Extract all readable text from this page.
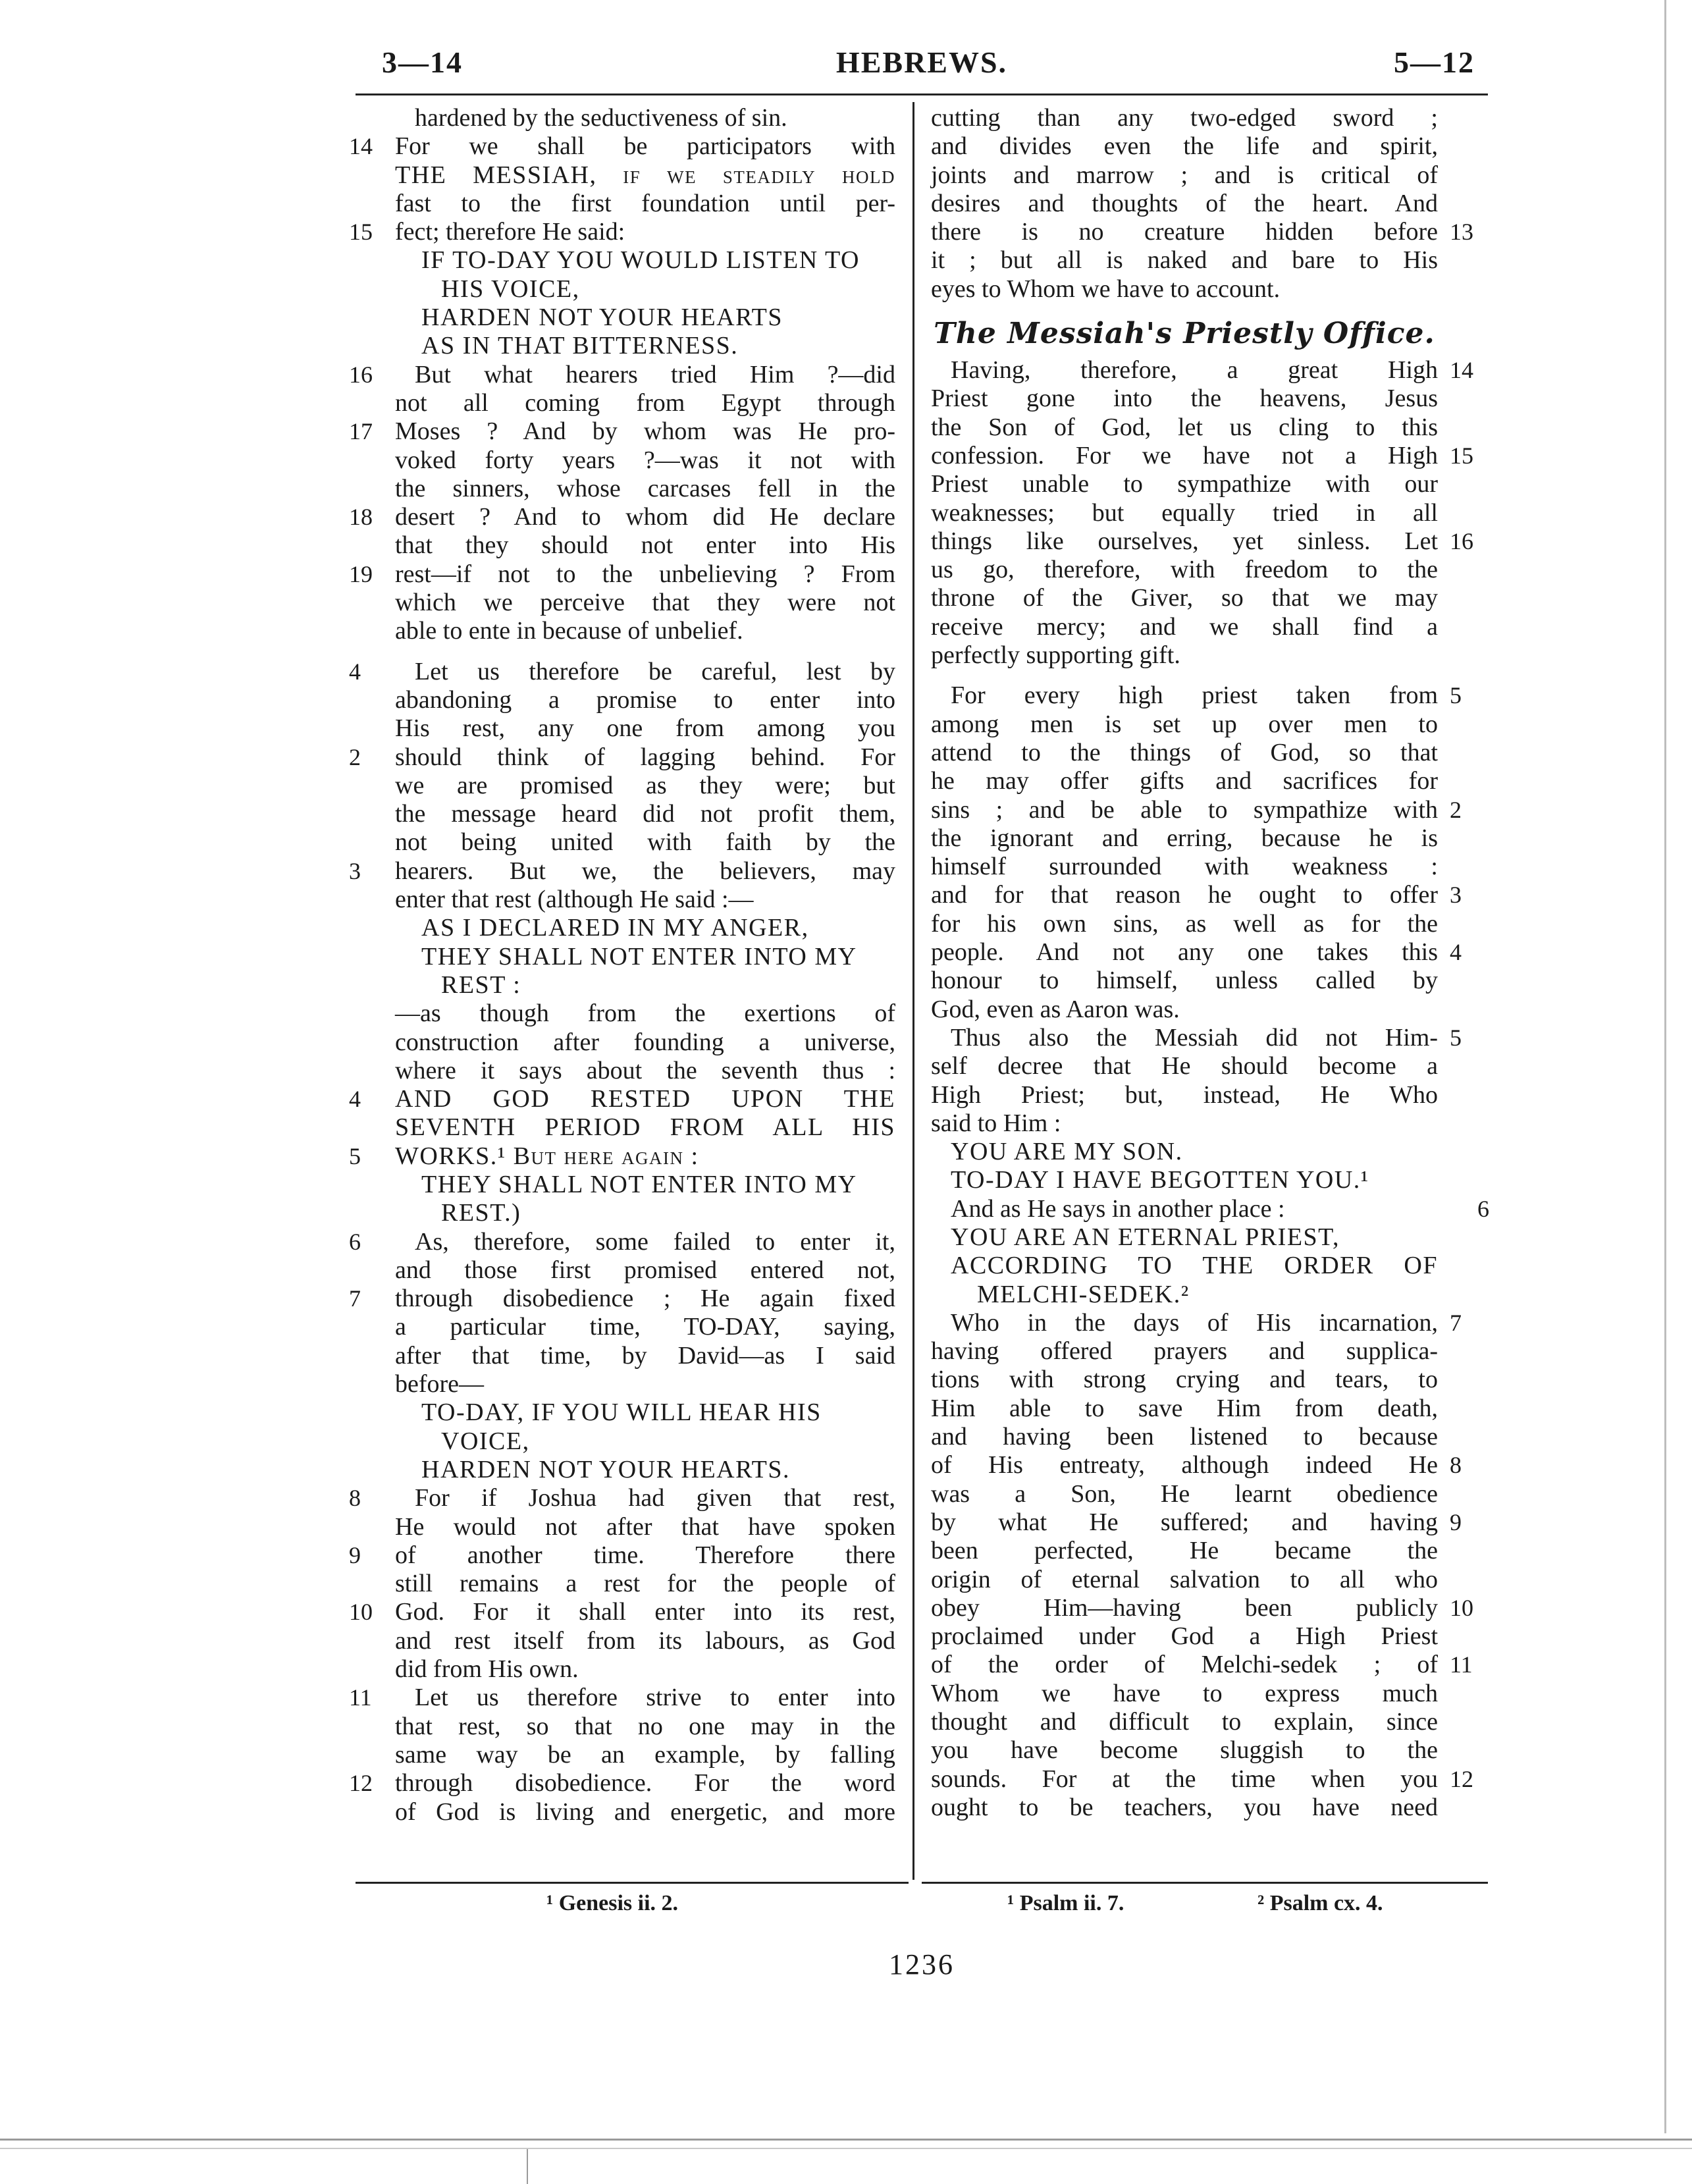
3—14	HEBREWS.	5—12
hardened by the seductiveness of sin.
For we shall be participators with
14
THE MESSIAH, if we steadily hold
fast to the first foundation until per-
fect; therefore He said:
15
IF TO-DAY YOU WOULD LISTEN TO
HIS VOICE,
HARDEN NOT YOUR HEARTS
AS IN THAT BITTERNESS.
But what hearers tried Him ?—did
16
not all coming from Egypt through
Moses ? And by whom was He pro-
17
voked forty years ?—was it not with
the sinners, whose carcases fell in the
desert ? And to whom did He declare
18
that they should not enter into His
rest—if not to the unbelieving ? From
19
which we perceive that they were not
able to ente in because of unbelief.
Let us therefore be careful, lest by
4
abandoning a promise to enter into
His rest, any one from among you
should think of lagging behind. For
2
we are promised as they were; but
the message heard did not profit them,
not being united with faith by the
hearers. But we, the believers, may
3
enter that rest (although He said :—
AS I DECLARED IN MY ANGER,
THEY SHALL NOT ENTER INTO MY
REST :
—as though from the exertions of
construction after founding a universe,
where it says about the seventh thus :
AND GOD RESTED UPON THE
4
SEVENTH PERIOD FROM ALL HIS
WORKS.¹ But here again :
5
THEY SHALL NOT ENTER INTO MY
REST.)
As, therefore, some failed to enter it,
6
and those first promised entered not,
through disobedience ; He again fixed
7
a particular time, TO-DAY, saying,
after that time, by David—as I said
before—
TO-DAY, IF YOU WILL HEAR HIS
VOICE,
HARDEN NOT YOUR HEARTS.
For if Joshua had given that rest,
8
He would not after that have spoken
of another time. Therefore there
9
still remains a rest for the people of
God. For it shall enter into its rest,
10
and rest itself from its labours, as God
did from His own.
Let us therefore strive to enter into
11
that rest, so that no one may in the
same way be an example, by falling
through disobedience. For the word
12
of God is living and energetic, and more
cutting than any two-edged sword ;
and divides even the life and spirit,
joints and marrow ; and is critical of
desires and thoughts of the heart. And
there is no creature hidden before 13
it ; but all is naked and bare to His
eyes to Whom we have to account.
The Messiah's Priestly Office.
Having, therefore, a great High 14
Priest gone into the heavens, Jesus
the Son of God, let us cling to this
confession. For we have not a High 15
Priest unable to sympathize with our
weaknesses; but equally tried in all
things like ourselves, yet sinless. Let 16
us go, therefore, with freedom to the
throne of the Giver, so that we may
receive mercy; and we shall find a
perfectly supporting gift.
For every high priest taken from 5
among men is set up over men to
attend to the things of God, so that
he may offer gifts and sacrifices for
sins ; and be able to sympathize with 2
the ignorant and erring, because he is
himself surrounded with weakness :
and for that reason he ought to offer 3
for his own sins, as well as for the
people. And not any one takes this 4
honour to himself, unless called by
God, even as Aaron was.
Thus also the Messiah did not Him- 5
self decree that He should become a
High Priest; but, instead, He Who
said to Him :
YOU ARE MY SON.
TO-DAY I HAVE BEGOTTEN YOU.¹
And as He says in another place :	6
YOU ARE AN ETERNAL PRIEST,
ACCORDING TO THE ORDER OF
MELCHI-SEDEK.²
Who in the days of His incarnation, 7
having offered prayers and supplica-
tions with strong crying and tears, to
Him able to save Him from death,
and having been listened to because
of His entreaty, although indeed He 8
was a Son, He learnt obedience
by what He suffered; and having 9
been perfected, He became the
origin of eternal salvation to all who
obey Him—having been publicly 10
proclaimed under God a High Priest
of the order of Melchi-sedek ; of 11
Whom we have to express much
thought and difficult to explain, since
you have become sluggish to the
sounds. For at the time when you 12
ought to be teachers, you have need
¹ Genesis ii. 2.	¹ Psalm ii. 7.	² Psalm cx. 4.
1236
